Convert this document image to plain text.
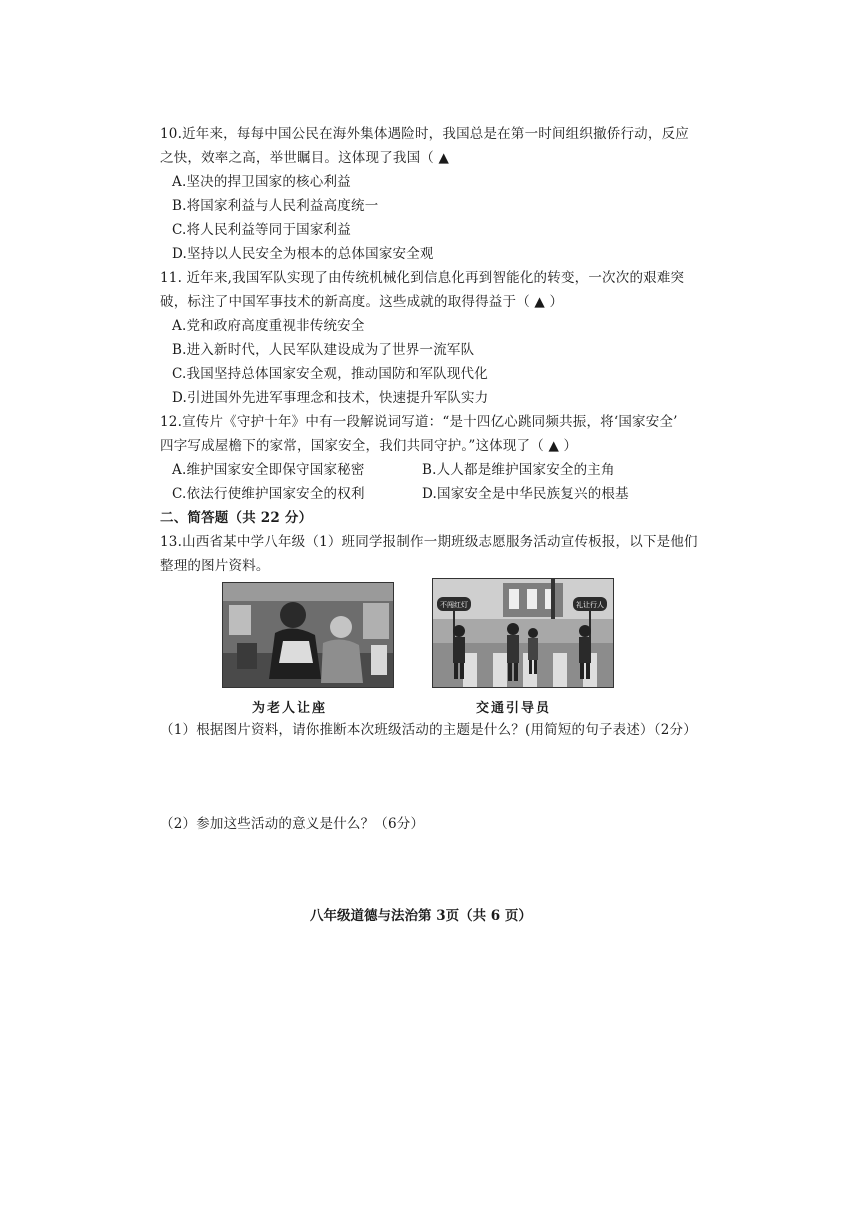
10.近年来，每每中国公民在海外集体遇险时，我国总是在第一时间组织撤侨行动，反应
之快，效率之高，举世瞩目。这体现了我国（ ▲
A.坚决的捍卫国家的核心利益
B.将国家利益与人民利益高度统一
C.将人民利益等同于国家利益
D.坚持以人民安全为根本的总体国家安全观
11. 近年来,我国军队实现了由传统机械化到信息化再到智能化的转变，一次次的艰难突
破，标注了中国军事技术的新高度。这些成就的取得得益于（ ▲ ）
A.党和政府高度重视非传统安全
B.进入新时代，人民军队建设成为了世界一流军队
C.我国坚持总体国家安全观，推动国防和军队现代化
D.引进国外先进军事理念和技术，快速提升军队实力
12.宣传片《守护十年》中有一段解说词写道：“是十四亿心跳同频共振，将‘国家安全’
四字写成屋檐下的家常，国家安全，我们共同守护。”这体现了（ ▲ ）
A.维护国家安全即保守国家秘密	B.人人都是维护国家安全的主角
C.依法行使维护国家安全的权利	D.国家安全是中华民族复兴的根基
二、简答题（共 22 分）
13.山西省某中学八年级（1）班同学报制作一期班级志愿服务活动宣传板报，以下是他们
整理的图片资料。
为老人让座
不闯红灯	礼让行人
交通引导员
（1）根据图片资料，请你推断本次班级活动的主题是什么？(用简短的句子表述）（2分）
（2）参加这些活动的意义是什么？（6分）
八年级道德与法治第 3页（共 6 页）
